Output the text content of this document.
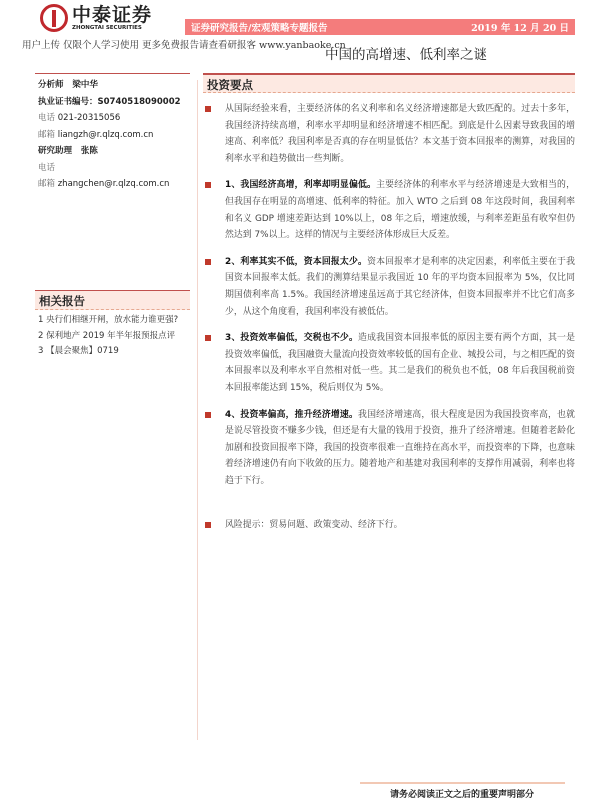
中泰证券
ZHONGTAI SECURITIES	证券研究报告/宏观策略专题报告	2019 年 12 月 20 日
用户上传 仅限个人学习使用 更多免费报告请查看研报客 www.yanbaoke.cn
中国的高增速、低利率之谜
分析师 梁中华
执业证书编号：S0740518090002
电话 021-20315056
邮箱 liangzh@r.qlzq.com.cn
研究助理 张陈
电话
邮箱 zhangchen@r.qlzq.com.cn
相关报告
1 央行们相继开闸，放水能力谁更强?
2 保利地产 2019 年半年报预报点评
3 【晨会聚焦】0719
投资要点
从国际经验来看，主要经济体的名义利率和名义经济增速都是大致匹配的。过去十多年，我国经济持续高增，利率水平却明显和经济增速不相匹配。到底是什么因素导致我国的增速高、利率低？我国利率是否真的存在明显低估？本文基于资本回报率的测算，对我国的利率水平和趋势做出一些判断。
1、我国经济高增，利率却明显偏低。主要经济体的利率水平与经济增速是大致相当的，但我国存在明显的高增速、低利率的特征。加入 WTO 之后到 08 年这段时间，我国利率和名义 GDP 增速差距达到 10%以上，08 年之后，增速放缓，与利率差距虽有收窄但仍然达到 7%以上。这样的情况与主要经济体形成巨大反差。
2、利率其实不低，资本回报太少。资本回报率才是利率的决定因素，利率低主要在于我国资本回报率太低。我们的测算结果显示我国近 10 年的平均资本回报率为 5%，仅比同期国债利率高 1.5%。我国经济增速虽远高于其它经济体，但资本回报率并不比它们高多少，从这个角度看，我国利率没有被低估。
3、投资效率偏低，交税也不少。造成我国资本回报率低的原因主要有两个方面，其一是投资效率偏低，我国融资大量流向投资效率较低的国有企业、城投公司，与之相匹配的资本回报率以及利率水平自然相对低一些。其二是我们的税负也不低，08 年后我国税前资本回报率能达到 15%，税后则仅为 5%。
4、投资率偏高，推升经济增速。我国经济增速高，很大程度是因为我国投资率高，也就是说尽管投资不赚多少钱，但还是有大量的钱用于投资，推升了经济增速。但随着老龄化加剧和投资回报率下降，我国的投资率很难一直维持在高水平，而投资率的下降，也意味着经济增速仍有向下收敛的压力。随着地产和基建对我国利率的支撑作用减弱，利率也将趋于下行。
风险提示：贸易问题、政策变动、经济下行。
请务必阅读正文之后的重要声明部分
